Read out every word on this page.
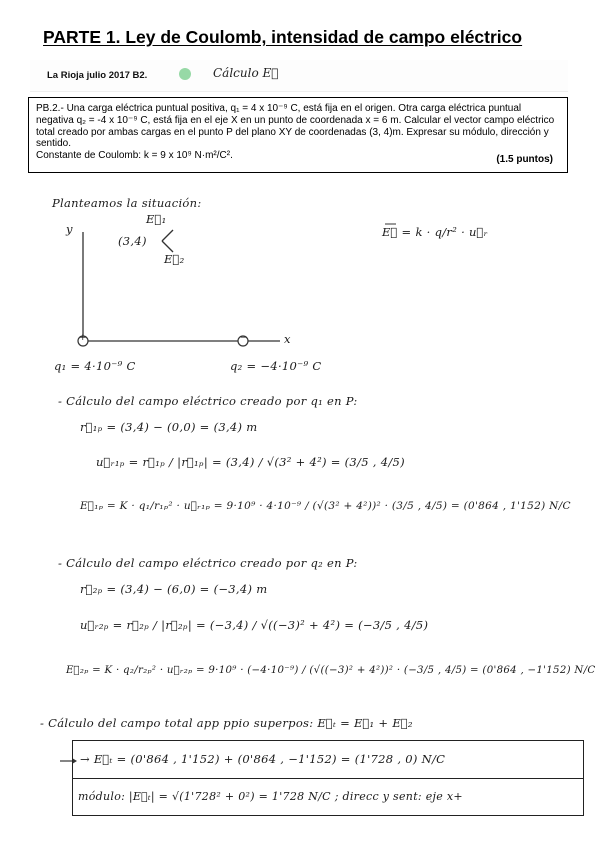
PARTE 1. Ley de Coulomb, intensidad de campo eléctrico
La Rioja julio 2017 B2.	Cálculo E⃗
PB.2.- Una carga eléctrica puntual positiva, q₁ = 4 x 10⁻⁹ C, está fija en el origen. Otra carga eléctrica puntual negativa q₂ = -4 x 10⁻⁹ C, está fija en el eje X en un punto de coordenada x = 6 m. Calcular el vector campo eléctrico total creado por ambas cargas en el punto P del plano XY de coordenadas (3, 4)m. Expresar su módulo, dirección y sentido.
Constante de Coulomb: k = 9 x 10⁹ N·m²/C².	(1.5 puntos)
Planteamos la situación:
y
x
(3,4)
E⃗₁
E⃗₂
+	−
q₁ = 4·10⁻⁹ C	q₂ = −4·10⁻⁹ C
E⃗ = k · q/r² · u⃗ᵣ
- Cálculo del campo eléctrico creado por q₁ en P:
r⃗₁ₚ = (3,4) − (0,0) = (3,4) m
u⃗ᵣ₁ₚ = r⃗₁ₚ / |r⃗₁ₚ| = (3,4) / √(3² + 4²) = (3/5 , 4/5)
E⃗₁ₚ = K · q₁/r₁ₚ² · u⃗ᵣ₁ₚ = 9·10⁹ · 4·10⁻⁹ / (√(3² + 4²))² · (3/5 , 4/5) = (0'864 , 1'152) N/C
- Cálculo del campo eléctrico creado por q₂ en P:
r⃗₂ₚ = (3,4) − (6,0) = (−3,4) m
u⃗ᵣ₂ₚ = r⃗₂ₚ / |r⃗₂ₚ| = (−3,4) / √((−3)² + 4²) = (−3/5 , 4/5)
E⃗₂ₚ = K · q₂/r₂ₚ² · u⃗ᵣ₂ₚ = 9·10⁹ · (−4·10⁻⁹) / (√((−3)² + 4²))² · (−3/5 , 4/5) = (0'864 , −1'152) N/C
- Cálculo del campo total app ppio superpos: E⃗ₜ = E⃗₁ + E⃗₂
→ E⃗ₜ = (0'864 , 1'152) + (0'864 , −1'152) = (1'728 , 0) N/C
módulo: |E⃗ₜ| = √(1'728² + 0²) = 1'728 N/C ; direcc y sent: eje x+
